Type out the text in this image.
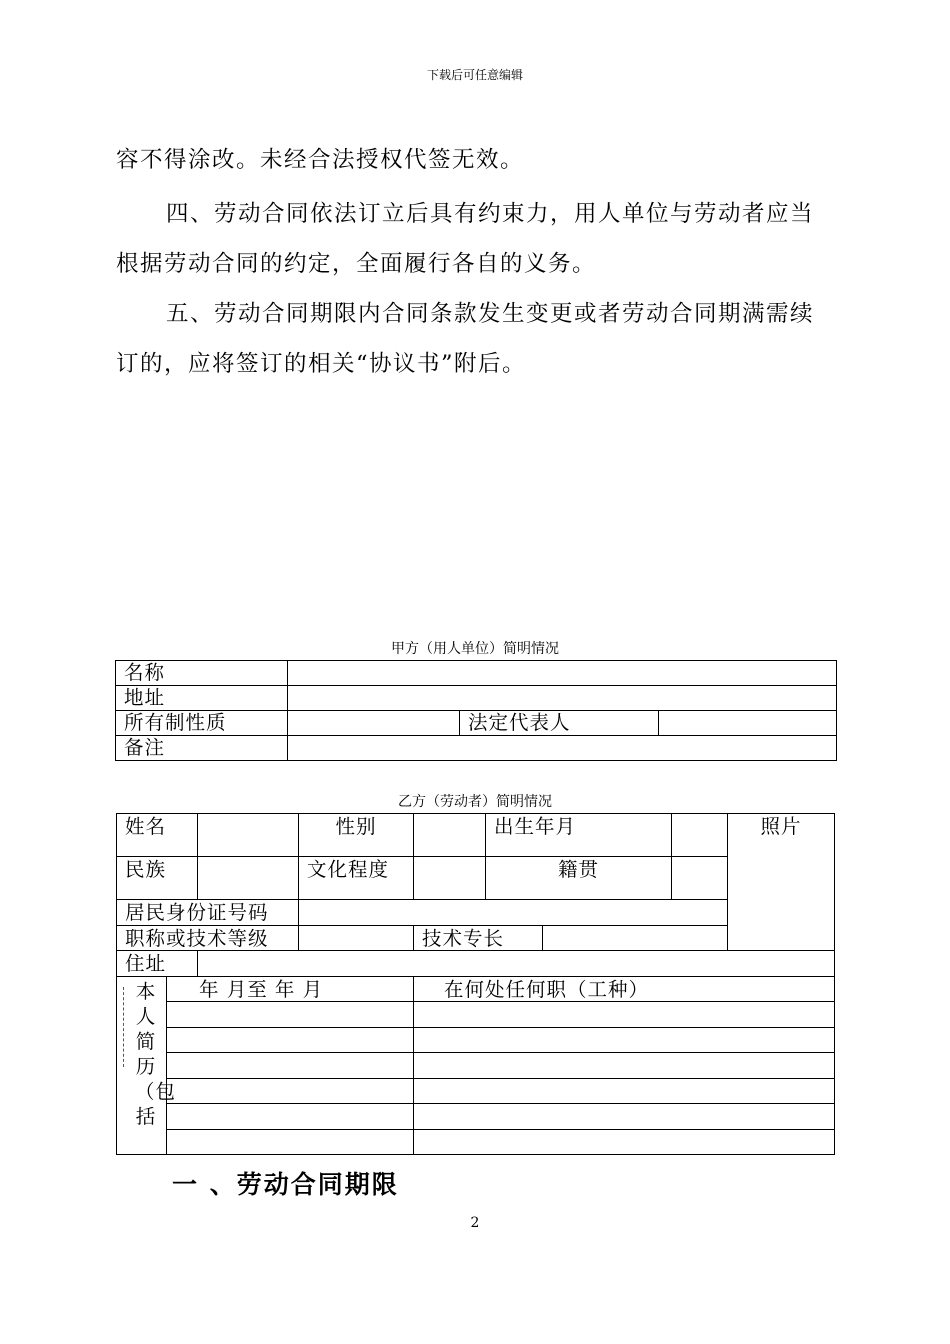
下载后可任意编辑
容不得涂改。未经合法授权代签无效。
四、劳动合同依法订立后具有约束力，用人单位与劳动者应当根据劳动合同的约定，全面履行各自的义务。
五、劳动合同期限内合同条款发生变更或者劳动合同期满需续订的，应将签订的相关“协议书”附后。
甲方（用人单位）简明情况
名称			
地址			
所有制性质		法定代表人	
备注			
乙方（劳动者）简明情况
姓名			性别		出生年月			照片
民族			文化程度		籍贯			
居民身份证号码								
职称或技术等级				技术专长				
住址								

本人简历（包括	年 月至 年 月			在何处任何职（工种）				

一 、劳动合同期限
2
